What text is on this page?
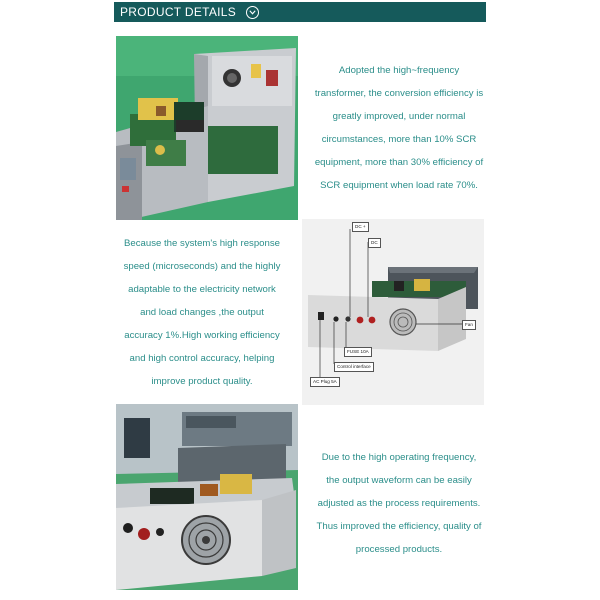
PRODUCT DETAILS

Adopted the high~frequency

transformer, the conversion efficiency is

greatly improved, under normal

circumstances, more than 10% SCR

equipment, more than 30% efficiency of

SCR equipment when load rate 70%.

Because the system's high response

speed (microseconds) and the highly

adaptable to the electricity network

and load changes ,the output

accuracy 1%.High working efficiency

and high control accuracy, helping

improve product quality.

DC +
DC
Fan
FUSE 10A
Control interface
AC Plug 5A

Due to the high operating frequency,

the output waveform can be easily

adjusted as the process requirements.

Thus improved the efficiency, quality of

processed products.
